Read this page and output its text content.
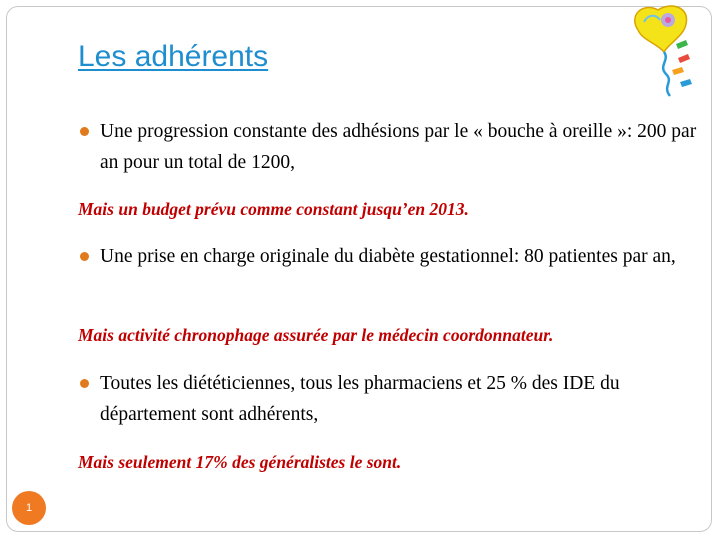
Les adhérents
Une progression constante des adhésions par le « bouche à oreille »: 200 par an pour un total de 1200,
Mais un budget prévu comme constant jusqu’en 2013.
Une prise en charge originale du diabète gestationnel: 80 patientes par an,
Mais activité chronophage assurée par le médecin coordonnateur.
Toutes les diététiciennes, tous les pharmaciens et 25 % des IDE du département sont adhérents,
Mais seulement 17% des généralistes le sont.
1
